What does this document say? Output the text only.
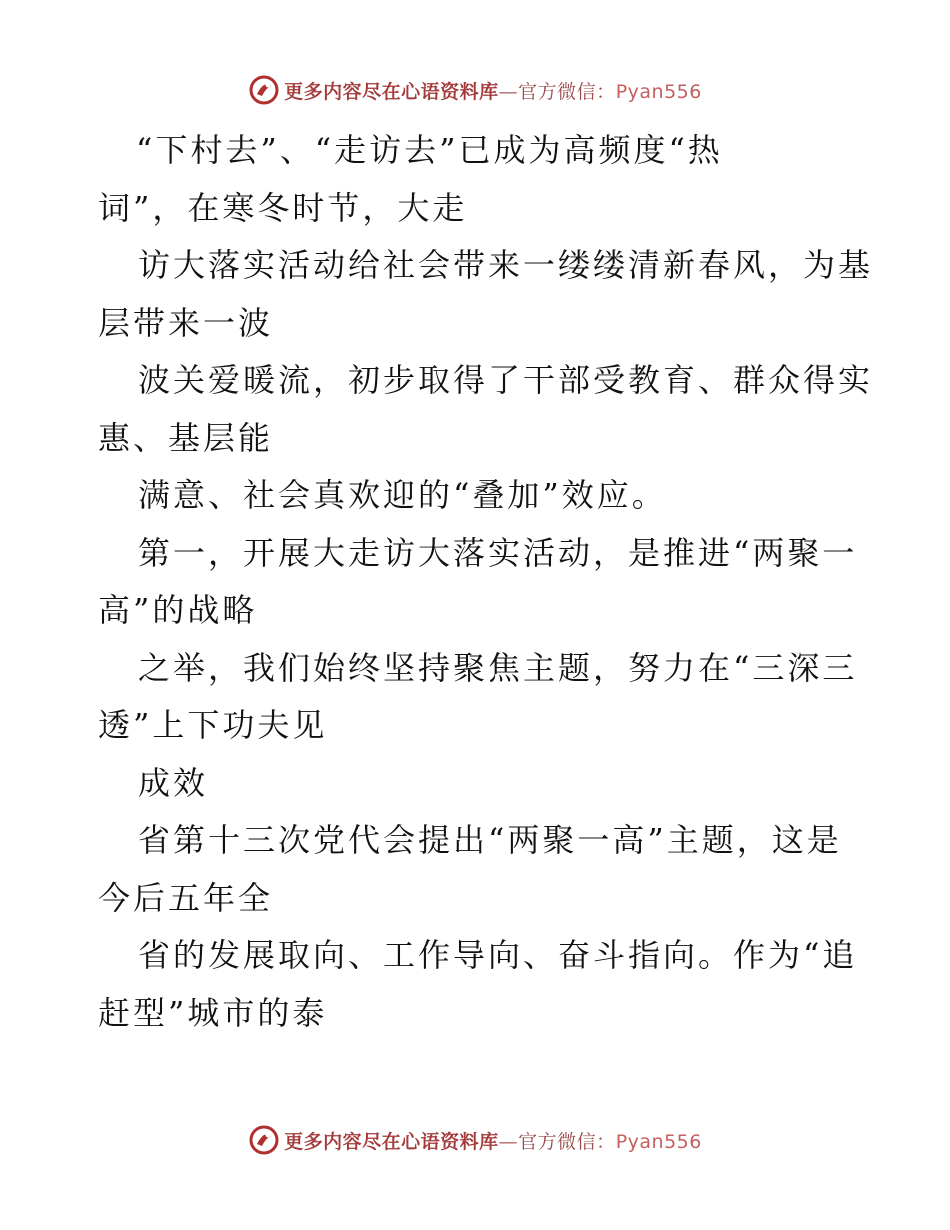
更多内容尽在心语资料库—官方微信：Pyan556
“下村去”、“走访去”已成为高频度“热
词”，在寒冬时节，大走
访大落实活动给社会带来一缕缕清新春风，为基
层带来一波
波关爱暖流，初步取得了干部受教育、群众得实
惠、基层能
满意、社会真欢迎的“叠加”效应。
第一，开展大走访大落实活动，是推进“两聚一
高”的战略
之举，我们始终坚持聚焦主题，努力在“三深三
透”上下功夫见
成效
省第十三次党代会提出“两聚一高”主题，这是
今后五年全
省的发展取向、工作导向、奋斗指向。作为“追
赶型”城市的泰
更多内容尽在心语资料库—官方微信：Pyan556
